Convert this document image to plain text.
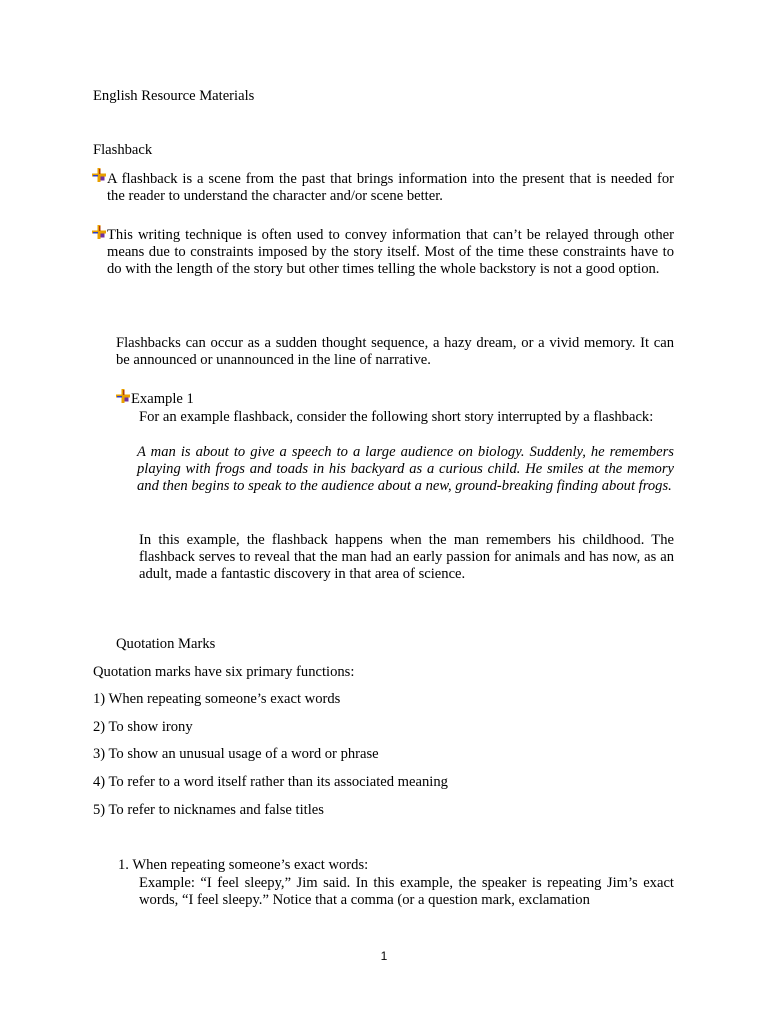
English Resource Materials
Flashback
A flashback is a scene from the past that brings information into the present that is needed for the reader to understand the character and/or scene better.
This writing technique is often used to convey information that can’t be relayed through other means due to constraints imposed by the story itself. Most of the time these constraints have to do with the length of the story but other times telling the whole backstory is not a good option.
Flashbacks can occur as a sudden thought sequence, a hazy dream, or a vivid memory. It can be announced or unannounced in the line of narrative.
Example 1
For an example flashback, consider the following short story interrupted by a flashback:
A man is about to give a speech to a large audience on biology. Suddenly, he remembers playing with frogs and toads in his backyard as a curious child. He smiles at the memory and then begins to speak to the audience about a new, ground-breaking finding about frogs.
In this example, the flashback happens when the man remembers his childhood. The flashback serves to reveal that the man had an early passion for animals and has now, as an adult, made a fantastic discovery in that area of science.
Quotation Marks
Quotation marks have six primary functions:
1) When repeating someone’s exact words
2) To show irony
3) To show an unusual usage of a word or phrase
4) To refer to a word itself rather than its associated meaning
5) To refer to nicknames and false titles
1. When repeating someone’s exact words:
Example: “I feel sleepy,” Jim said. In this example, the speaker is repeating Jim’s exact words, “I feel sleepy.” Notice that a comma (or a question mark, exclamation
1
